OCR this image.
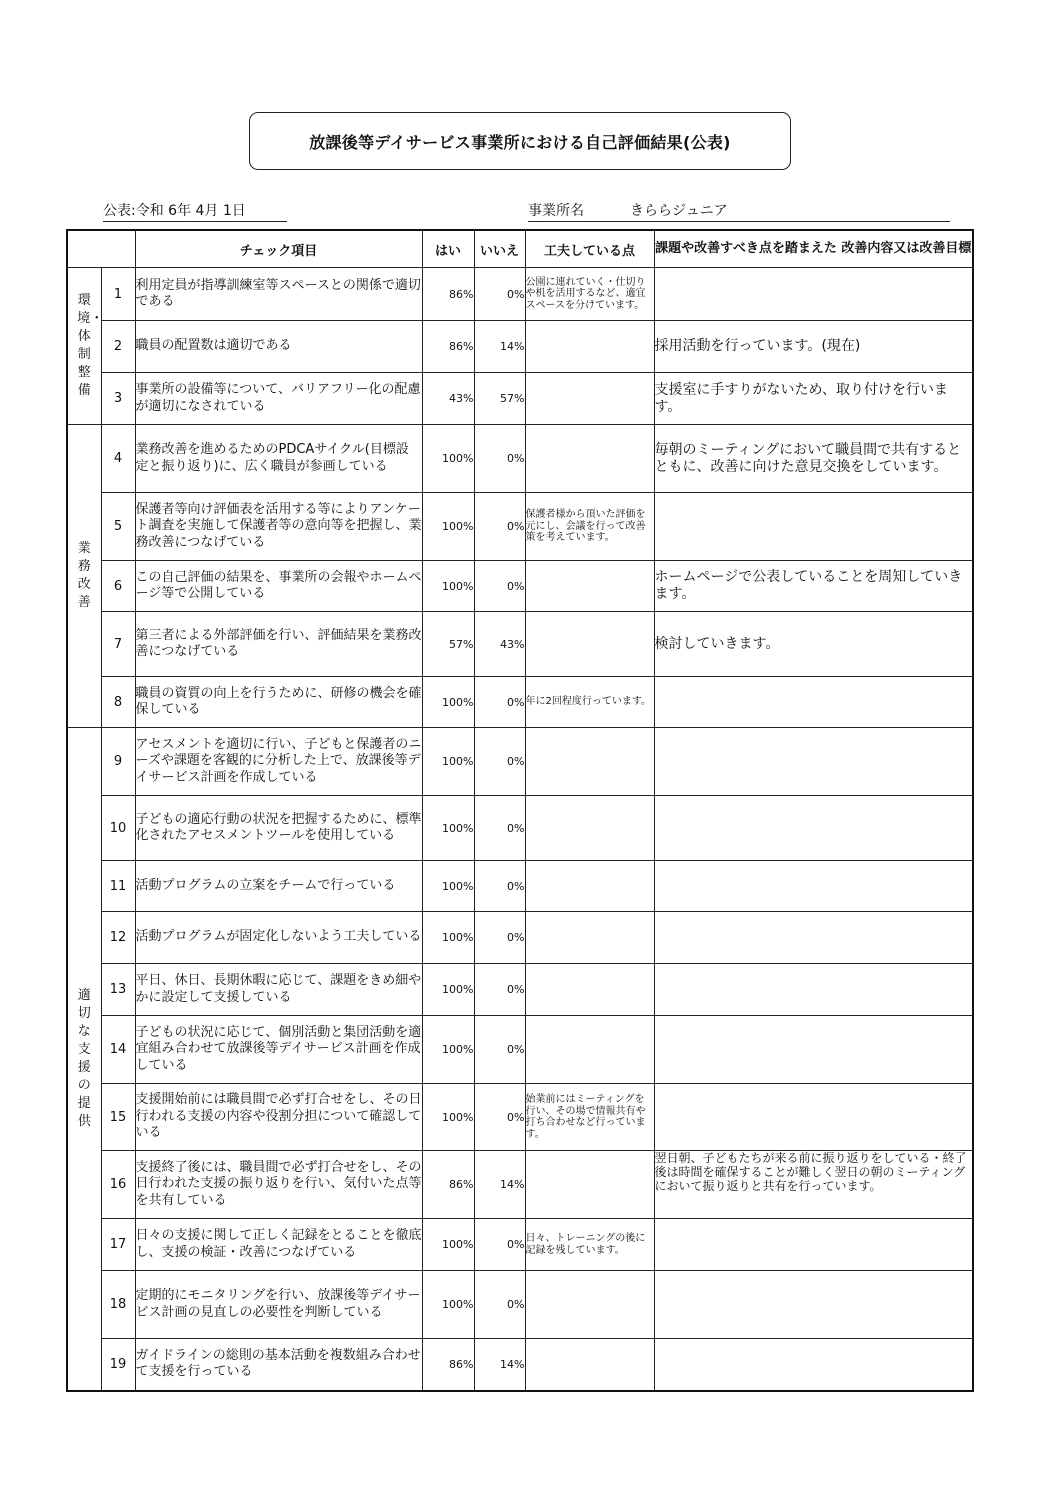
放課後等デイサービス事業所における自己評価結果(公表)
公表:令和 6年 4月 1日	事業所名	きららジュニア
		チェック項目	はい	いいえ	工夫している点	課題や改善すべき点を踏まえた 改善内容又は改善目標
環境・体制整備	1	利用定員が指導訓練室等スペースとの関係で適切である	86%	0%	公園に連れていく・仕切りや机を活用するなど、適宜スペースを分けています。	
	2	職員の配置数は適切である	86%	14%		採用活動を行っています。(現在)
	3	事業所の設備等について、バリアフリー化の配慮が適切になされている	43%	57%		支援室に手すりがないため、取り付けを行います。
業務改善	4	業務改善を進めるためのPDCAサイクル(目標設定と振り返り)に、広く職員が参画している	100%	0%		毎朝のミーティングにおいて職員間で共有するとともに、改善に向けた意見交換をしています。
	5	保護者等向け評価表を活用する等によりアンケート調査を実施して保護者等の意向等を把握し、業務改善につなげている	100%	0%	保護者様から頂いた評価を元にし、会議を行って改善策を考えています。	
	6	この自己評価の結果を、事業所の会報やホームページ等で公開している	100%	0%		ホームページで公表していることを周知していきます。
	7	第三者による外部評価を行い、評価結果を業務改善につなげている	57%	43%		検討していきます。
	8	職員の資質の向上を行うために、研修の機会を確保している	100%	0%	年に2回程度行っています。	
適切な支援の提供	9	アセスメントを適切に行い、子どもと保護者のニーズや課題を客観的に分析した上で、放課後等デイサービス計画を作成している	100%	0%		
	10	子どもの適応行動の状況を把握するために、標準化されたアセスメントツールを使用している	100%	0%		
	11	活動プログラムの立案をチームで行っている	100%	0%		
	12	活動プログラムが固定化しないよう工夫している	100%	0%		
	13	平日、休日、長期休暇に応じて、課題をきめ細やかに設定して支援している	100%	0%		
	14	子どもの状況に応じて、個別活動と集団活動を適宜組み合わせて放課後等デイサービス計画を作成している	100%	0%		
	15	支援開始前には職員間で必ず打合せをし、その日行われる支援の内容や役割分担について確認している	100%	0%	始業前にはミーティングを行い、その場で情報共有や打ち合わせなど行っています。	
	16	支援終了後には、職員間で必ず打合せをし、その日行われた支援の振り返りを行い、気付いた点等を共有している	86%	14%		翌日朝、子どもたちが来る前に振り返りをしている・終了後は時間を確保することが難しく翌日の朝のミーティングにおいて振り返りと共有を行っています。
	17	日々の支援に関して正しく記録をとることを徹底し、支援の検証・改善につなげている	100%	0%	日々、トレーニングの後に記録を残しています。	
	18	定期的にモニタリングを行い、放課後等デイサービス計画の見直しの必要性を判断している	100%	0%		
	19	ガイドラインの総則の基本活動を複数組み合わせて支援を行っている	86%	14%		
